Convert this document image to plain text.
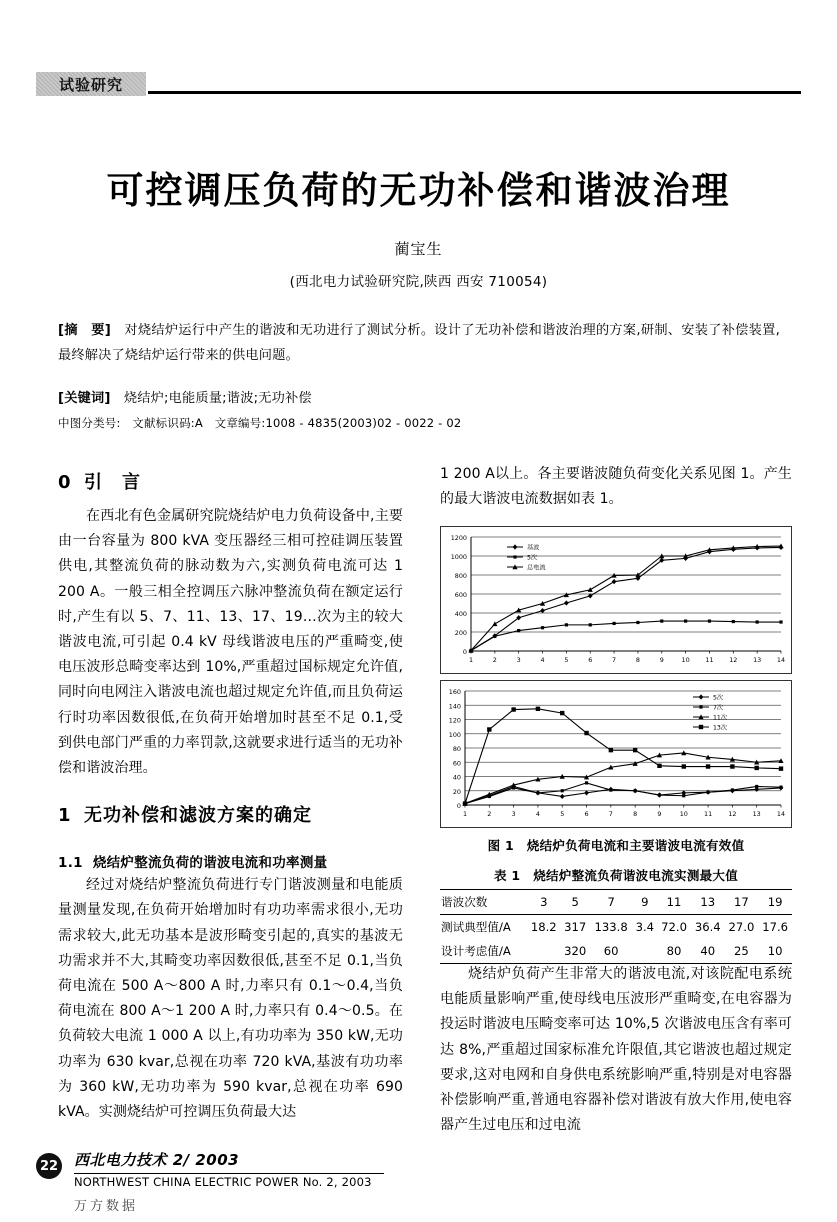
试验研究
可控调压负荷的无功补偿和谐波治理
蔺宝生
(西北电力试验研究院,陕西 西安 710054)
[摘　要] 对烧结炉运行中产生的谐波和无功进行了测试分析。设计了无功补偿和谐波治理的方案,研制、安装了补偿装置,最终解决了烧结炉运行带来的供电问题。
[关键词] 烧结炉;电能质量;谐波;无功补偿
中图分类号:　文献标识码:A　文章编号:1008 - 4835(2003)02 - 0022 - 02
0 引　言

在西北有色金属研究院烧结炉电力负荷设备中,主要由一台容量为 800 kVA 变压器经三相可控硅调压装置供电,其整流负荷的脉动数为六,实测负荷电流可达 1 200 A。一般三相全控调压六脉冲整流负荷在额定运行时,产生有以 5、7、11、13、17、19…次为主的较大谐波电流,可引起 0.4 kV 母线谐波电压的严重畸变,使电压波形总畸变率达到 10%,严重超过国标规定允许值,同时向电网注入谐波电流也超过规定允许值,而且负荷运行时功率因数很低,在负荷开始增加时甚至不足 0.1,受到供电部门严重的力率罚款,这就要求进行适当的无功补偿和谐波治理。

1 无功补偿和滤波方案的确定
1.1 烧结炉整流负荷的谐波电流和功率测量

经过对烧结炉整流负荷进行专门谐波测量和电能质量测量发现,在负荷开始增加时有功功率需求很小,无功需求较大,此无功基本是波形畸变引起的,真实的基波无功需求并不大,其畸变功率因数很低,甚至不足 0.1,当负荷电流在 500 A～800 A 时,力率只有 0.1～0.4,当负荷电流在 800 A～1 200 A 时,力率只有 0.4～0.5。在负荷较大电流 1 000 A 以上,有功功率为 350 kW,无功功率为 630 kvar,总视在功率 720 kVA,基波有功功率为 360 kW,无功功率为 590 kvar,总视在功率 690 kVA。实测烧结炉可控调压负荷最大达

1 200 A以上。各主要谐波随负荷变化关系见图 1。产生的最大谐波电流数据如表 1。

0
200
400
600
800
1000
1200
1	2	3	4	5	6	7	8	9	10 11 12 13 14
基波
5次
总电流
0
20
40
60
80
100
120
140
160
1	2	3	4	5	6	7	8	9	10	11	12	13	14
5次
7次
11次
13次
图 1　烧结炉负荷电流和主要谐波电流有效值
表 1　烧结炉整流负荷谐波电流实测最大值
谐波次数	3	5	7	9	11	13	17	19
测试典型值/A	18.2	317	133.8	3.4	72.0	36.4	27.0	17.6
设计考虑值/A		320	60		80	40	25	10

烧结炉负荷产生非常大的谐波电流,对该院配电系统电能质量影响严重,使母线电压波形严重畸变,在电容器为投运时谐波电压畸变率可达 10%,5 次谐波电压含有率可达 8%,严重超过国家标准允许限值,其它谐波也超过规定要求,这对电网和自身供电系统影响严重,特别是对电容器补偿影响严重,普通电容器补偿对谐波有放大作用,使电容器产生过电压和过电流

22 西北电力技术 2/ 2003
NORTHWEST CHINA ELECTRIC POWER No. 2, 2003
万方数据
